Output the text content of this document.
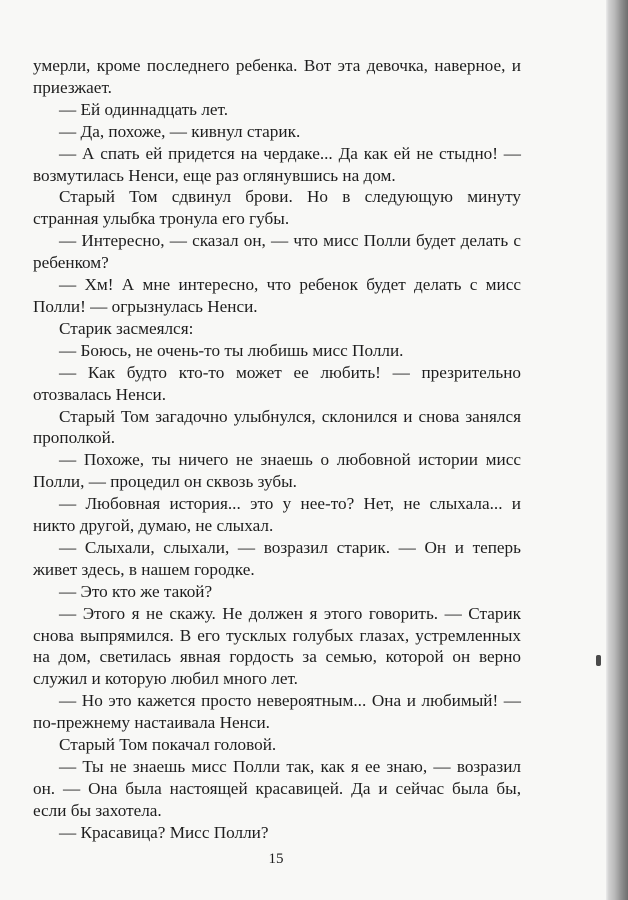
умерли, кроме последнего ребенка. Вот эта девочка, наверное, и приезжает.

— Ей одиннадцать лет.

— Да, похоже, — кивнул старик.

— А спать ей придется на чердаке... Да как ей не стыдно! — возмутилась Ненси, еще раз оглянувшись на дом.

Старый Том сдвинул брови. Но в следующую минуту странная улыбка тронула его губы.

— Интересно, — сказал он, — что мисс Полли будет делать с ребенком?

— Хм! А мне интересно, что ребенок будет делать с мисс Полли! — огрызнулась Ненси.

Старик засмеялся:

— Боюсь, не очень-то ты любишь мисс Полли.

— Как будто кто-то может ее любить! — презрительно отозвалась Ненси.

Старый Том загадочно улыбнулся, склонился и снова занялся прополкой.

— Похоже, ты ничего не знаешь о любовной истории мисс Полли, — процедил он сквозь зубы.

— Любовная история... это у нее-то? Нет, не слыхала... и никто другой, думаю, не слыхал.

— Слыхали, слыхали, — возразил старик. — Он и теперь живет здесь, в нашем городке.

— Это кто же такой?

— Этого я не скажу. Не должен я этого говорить. — Старик снова выпрямился. В его тусклых голубых глазах, устремленных на дом, светилась явная гордость за семью, которой он верно служил и которую любил много лет.

— Но это кажется просто невероятным... Она и любимый! — по-прежнему настаивала Ненси.

Старый Том покачал головой.

— Ты не знаешь мисс Полли так, как я ее знаю, — возразил он. — Она была настоящей красавицей. Да и сейчас была бы, если бы захотела.

— Красавица? Мисс Полли?

15
